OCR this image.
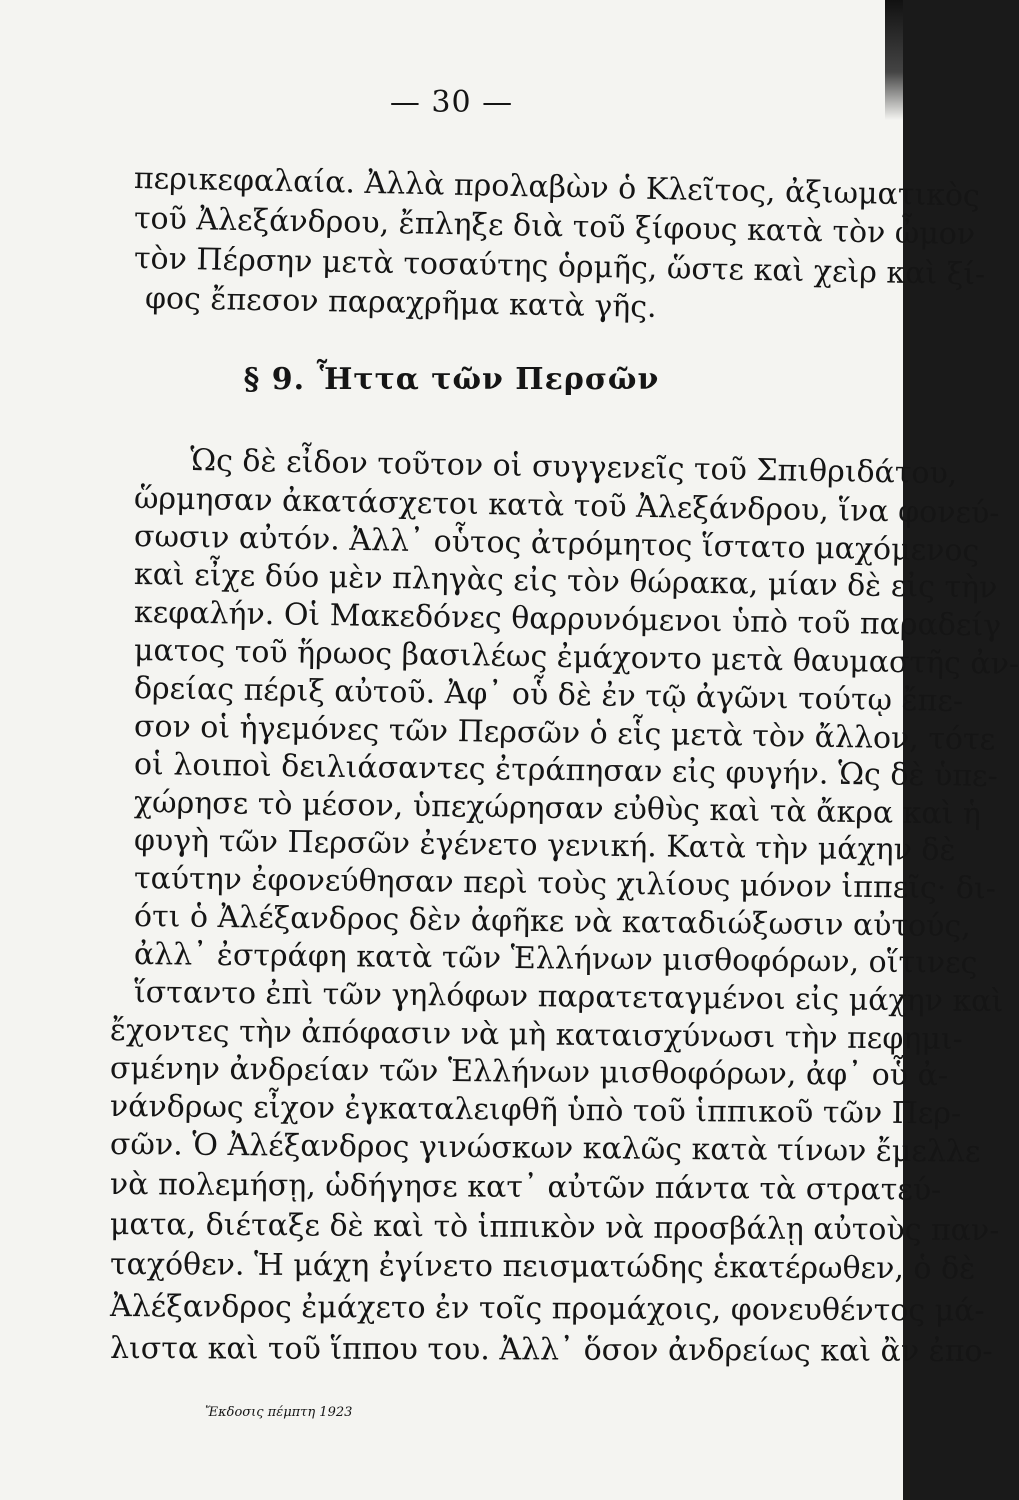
— 30 —
περικεφαλαία. Ἀλλὰ προλαβὼν ὁ Κλεῖτος, ἀξιωματικὸς
τοῦ Ἀλεξάνδρου, ἔπληξε διὰ τοῦ ξίφους κατὰ τὸν ὦμον
τὸν Πέρσην μετὰ τοσαύτης ὁρμῆς, ὥστε καὶ χεὶρ καὶ ξί-
φος ἔπεσον παραχρῆμα κατὰ γῆς.
§ 9. Ἧττα τῶν Περσῶν
Ὡς δὲ εἶδον τοῦτον οἱ συγγενεῖς τοῦ Σπιθριδάτου,
ὥρμησαν ἀκατάσχετοι κατὰ τοῦ Ἀλεξάνδρου, ἵνα φονεύ-
σωσιν αὐτόν. Ἀλλ᾿ οὗτος ἀτρόμητος ἵστατο μαχόμενος
καὶ εἶχε δύο μὲν πληγὰς εἰς τὸν θώρακα, μίαν δὲ εἰς τὴν
κεφαλήν. Οἱ Μακεδόνες θαρρυνόμενοι ὑπὸ τοῦ παραδείγ
ματος τοῦ ἥρωος βασιλέως ἐμάχοντο μετὰ θαυμαστῆς ἀν-
δρείας πέριξ αὐτοῦ. Ἀφ᾿ οὗ δὲ ἐν τῷ ἀγῶνι τούτῳ ἔπε-
σον οἱ ἡγεμόνες τῶν Περσῶν ὁ εἷς μετὰ τὸν ἄλλον, τότε
οἱ λοιποὶ δειλιάσαντες ἐτράπησαν εἰς φυγήν. Ὡς δὲ ὑπε-
χώρησε τὸ μέσον, ὑπεχώρησαν εὐθὺς καὶ τὰ ἄκρα καὶ ἡ
φυγὴ τῶν Περσῶν ἐγένετο γενική. Κατὰ τὴν μάχην δὲ
ταύτην ἐφονεύθησαν περὶ τοὺς χιλίους μόνον ἱππεῖς· δι-
ότι ὁ Ἀλέξανδρος δὲν ἀφῆκε νὰ καταδιώξωσιν αὐτούς,
ἀλλ᾿ ἐστράφη κατὰ τῶν Ἑλλήνων μισθοφόρων, οἵτινες
ἵσταντο ἐπὶ τῶν γηλόφων παρατεταγμένοι εἰς μάχην καὶ
ἔχοντες τὴν ἀπόφασιν νὰ μὴ καταισχύνωσι τὴν πεφημι-
σμένην ἀνδρείαν τῶν Ἑλλήνων μισθοφόρων, ἀφ᾿ οὗ ἀ-
νάνδρως εἶχον ἐγκαταλειφθῆ ὑπὸ τοῦ ἱππικοῦ τῶν Περ-
σῶν. Ὁ Ἀλέξανδρος γινώσκων καλῶς κατὰ τίνων ἔμελλε
νὰ πολεμήσῃ, ὡδήγησε κατ᾿ αὐτῶν πάντα τὰ στρατεύ-
ματα, διέταξε δὲ καὶ τὸ ἱππικὸν νὰ προσβάλῃ αὐτοὺς παν-
ταχόθεν. Ἡ μάχη ἐγίνετο πεισματώδης ἑκατέρωθεν, ὁ δὲ
Ἀλέξανδρος ἐμάχετο ἐν τοῖς προμάχοις, φονευθέντος μά-
λιστα καὶ τοῦ ἵππου του. Ἀλλ᾿ ὅσον ἀνδρείως καὶ ἂν ἐπο-
Ἔκδοσις πέμπτη 1923
